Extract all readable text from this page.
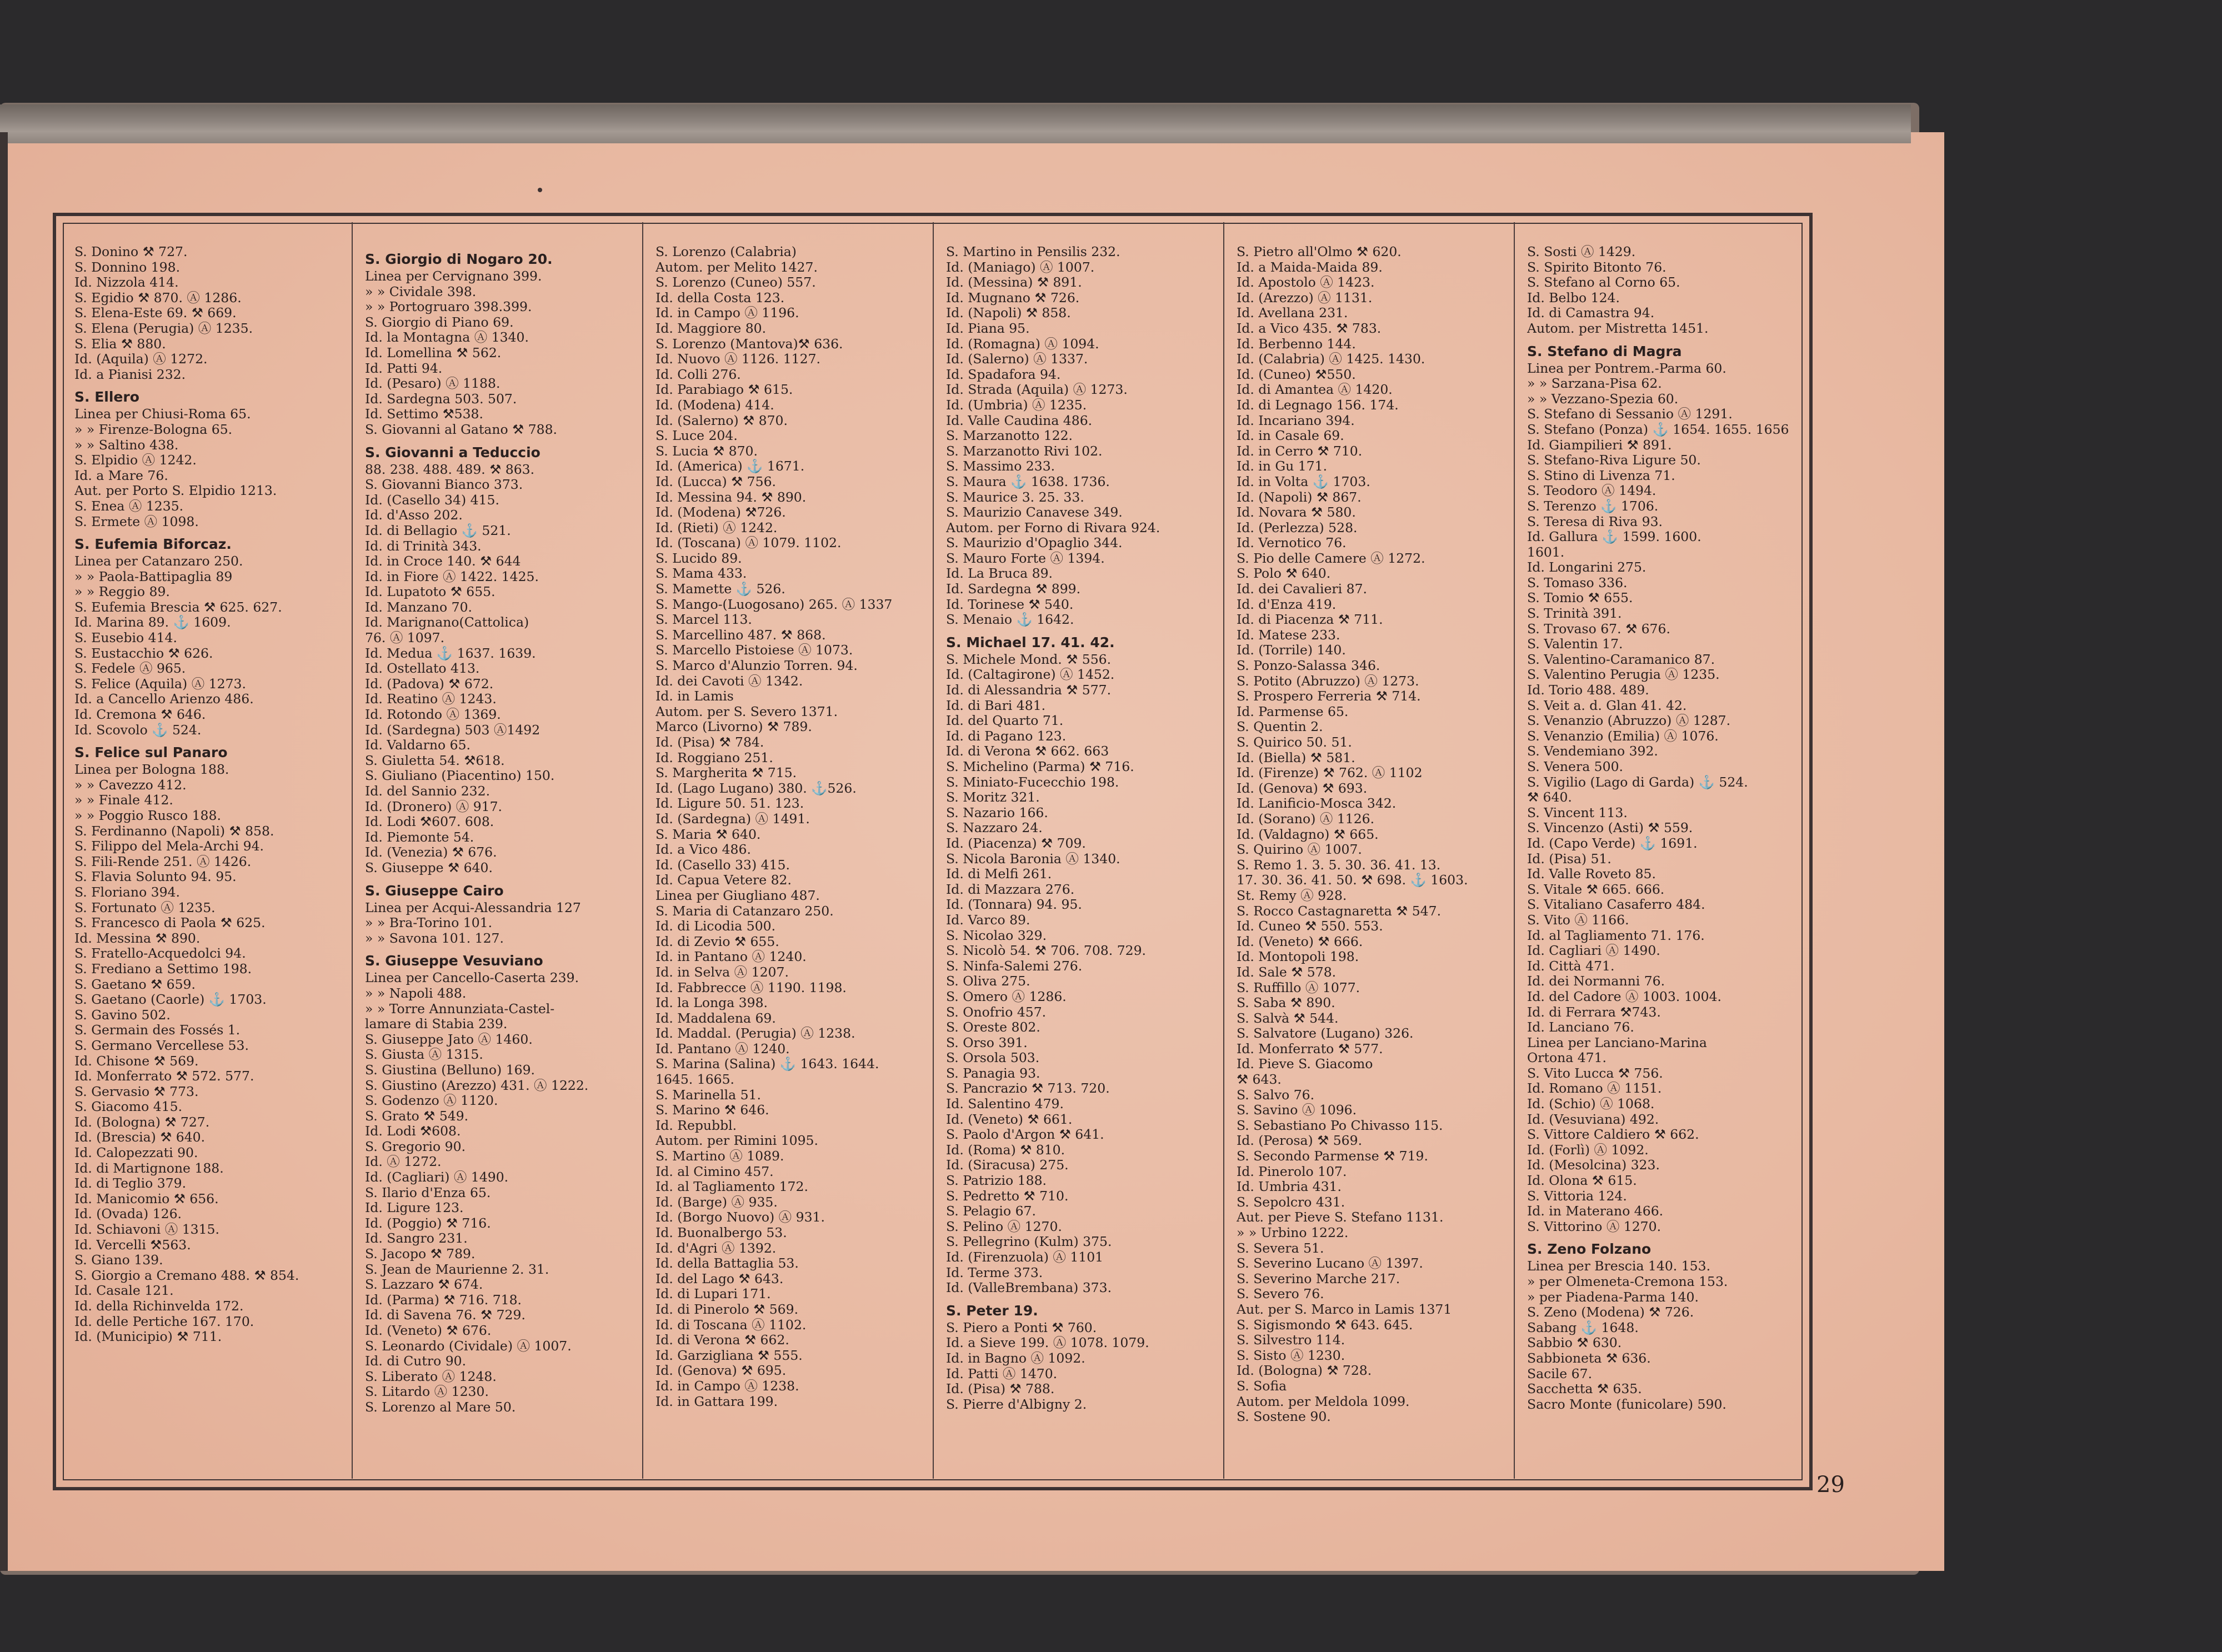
S. Donino ⚒ 727.
S. Donnino 198.
Id. Nizzola 414.
S. Egidio ⚒ 870. Ⓐ 1286.
S. Elena-Este 69. ⚒ 669.
S. Elena (Perugia) Ⓐ 1235.
S. Elia ⚒ 880.
Id. (Aquila) Ⓐ 1272.
Id. a Pianisi 232.
S. Ellero
Linea per Chiusi-Roma 65.
» » Firenze-Bologna 65.
» » Saltino 438.
S. Elpidio Ⓐ 1242.
Id. a Mare 76.
Aut. per Porto S. Elpidio 1213.
S. Enea Ⓐ 1235.
S. Ermete Ⓐ 1098.
S. Eufemia Biforcaz.
Linea per Catanzaro 250.
» » Paola-Battipaglia 89
» » Reggio 89.
S. Eufemia Brescia ⚒ 625. 627.
Id. Marina 89. ⚓ 1609.
S. Eusebio 414.
S. Eustacchio ⚒ 626.
S. Fedele Ⓐ 965.
S. Felice (Aquila) Ⓐ 1273.
Id. a Cancello Arienzo 486.
Id. Cremona ⚒ 646.
Id. Scovolo ⚓ 524.
S. Felice sul Panaro
Linea per Bologna 188.
» » Cavezzo 412.
» » Finale 412.
» » Poggio Rusco 188.
S. Ferdinanno (Napoli) ⚒ 858.
S. Filippo del Mela-Archi 94.
S. Fili-Rende 251. Ⓐ 1426.
S. Flavia Solunto 94. 95.
S. Floriano 394.
S. Fortunato Ⓐ 1235.
S. Francesco di Paola ⚒ 625.
Id. Messina ⚒ 890.
S. Fratello-Acquedolci 94.
S. Frediano a Settimo 198.
S. Gaetano ⚒ 659.
S. Gaetano (Caorle) ⚓ 1703.
S. Gavino 502.
S. Germain des Fossés 1.
S. Germano Vercellese 53.
Id. Chisone ⚒ 569.
Id. Monferrato ⚒ 572. 577.
S. Gervasio ⚒ 773.
S. Giacomo 415.
Id. (Bologna) ⚒ 727.
Id. (Brescia) ⚒ 640.
Id. Calopezzati 90.
Id. di Martignone 188.
Id. di Teglio 379.
Id. Manicomio ⚒ 656.
Id. (Ovada) 126.
Id. Schiavoni Ⓐ 1315.
Id. Vercelli ⚒563.
S. Giano 139.
S. Giorgio a Cremano 488. ⚒ 854.
Id. Casale 121.
Id. della Richinvelda 172.
Id. delle Pertiche 167. 170.
Id. (Municipio) ⚒ 711.
S. Giorgio di Nogaro 20.
Linea per Cervignano 399.
» » Cividale 398.
» » Portogruaro 398.399.
S. Giorgio di Piano 69.
Id. la Montagna Ⓐ 1340.
Id. Lomellina ⚒ 562.
Id. Patti 94.
Id. (Pesaro) Ⓐ 1188.
Id. Sardegna 503. 507.
Id. Settimo ⚒538.
S. Giovanni al Gatano ⚒ 788.
S. Giovanni a Teduccio
88. 238. 488. 489. ⚒ 863.
S. Giovanni Bianco 373.
Id. (Casello 34) 415.
Id. d'Asso 202.
Id. di Bellagio ⚓ 521.
Id. di Trinità 343.
Id. in Croce 140. ⚒ 644
Id. in Fiore Ⓐ 1422. 1425.
Id. Lupatoto ⚒ 655.
Id. Manzano 70.
Id. Marignano(Cattolica)
76. Ⓐ 1097.
Id. Medua ⚓ 1637. 1639.
Id. Ostellato 413.
Id. (Padova) ⚒ 672.
Id. Reatino Ⓐ 1243.
Id. Rotondo Ⓐ 1369.
Id. (Sardegna) 503 Ⓐ1492
Id. Valdarno 65.
S. Giuletta 54. ⚒618.
S. Giuliano (Piacentino) 150.
Id. del Sannio 232.
Id. (Dronero) Ⓐ 917.
Id. Lodi ⚒607. 608.
Id. Piemonte 54.
Id. (Venezia) ⚒ 676.
S. Giuseppe ⚒ 640.
S. Giuseppe Cairo
Linea per Acqui-Alessandria 127
» » Bra-Torino 101.
» » Savona 101. 127.
S. Giuseppe Vesuviano
Linea per Cancello-Caserta 239.
» » Napoli 488.
» » Torre Annunziata-Castel-
lamare di Stabia 239.
S. Giuseppe Jato Ⓐ 1460.
S. Giusta Ⓐ 1315.
S. Giustina (Belluno) 169.
S. Giustino (Arezzo) 431. Ⓐ 1222.
S. Godenzo Ⓐ 1120.
S. Grato ⚒ 549.
Id. Lodi ⚒608.
S. Gregorio 90.
Id. Ⓐ 1272.
Id. (Cagliari) Ⓐ 1490.
S. Ilario d'Enza 65.
Id. Ligure 123.
Id. (Poggio) ⚒ 716.
Id. Sangro 231.
S. Jacopo ⚒ 789.
S. Jean de Maurienne 2. 31.
S. Lazzaro ⚒ 674.
Id. (Parma) ⚒ 716. 718.
Id. di Savena 76. ⚒ 729.
Id. (Veneto) ⚒ 676.
S. Leonardo (Cividale) Ⓐ 1007.
Id. di Cutro 90.
S. Liberato Ⓐ 1248.
S. Litardo Ⓐ 1230.
S. Lorenzo al Mare 50.
S. Lorenzo (Calabria)
Autom. per Melito 1427.
S. Lorenzo (Cuneo) 557.
Id. della Costa 123.
Id. in Campo Ⓐ 1196.
Id. Maggiore 80.
S. Lorenzo (Mantova)⚒ 636.
Id. Nuovo Ⓐ 1126. 1127.
Id. Colli 276.
Id. Parabiago ⚒ 615.
Id. (Modena) 414.
Id. (Salerno) ⚒ 870.
S. Luce 204.
S. Lucia ⚒ 870.
Id. (America) ⚓ 1671.
Id. (Lucca) ⚒ 756.
Id. Messina 94. ⚒ 890.
Id. (Modena) ⚒726.
Id. (Rieti) Ⓐ 1242.
Id. (Toscana) Ⓐ 1079. 1102.
S. Lucido 89.
S. Mama 433.
S. Mamette ⚓ 526.
S. Mango-(Luogosano) 265. Ⓐ 1337
S. Marcel 113.
S. Marcellino 487. ⚒ 868.
S. Marcello Pistoiese Ⓐ 1073.
S. Marco d'Alunzio Torren. 94.
Id. dei Cavoti Ⓐ 1342.
Id. in Lamis
Autom. per S. Severo 1371.
Marco (Livorno) ⚒ 789.
Id. (Pisa) ⚒ 784.
Id. Roggiano 251.
S. Margherita ⚒ 715.
Id. (Lago Lugano) 380. ⚓526.
Id. Ligure 50. 51. 123.
Id. (Sardegna) Ⓐ 1491.
S. Maria ⚒ 640.
Id. a Vico 486.
Id. (Casello 33) 415.
Id. Capua Vetere 82.
Linea per Giugliano 487.
S. Maria di Catanzaro 250.
Id. di Licodia 500.
Id. di Zevio ⚒ 655.
Id. in Pantano Ⓐ 1240.
Id. in Selva Ⓐ 1207.
Id. Fabbrecce Ⓐ 1190. 1198.
Id. la Longa 398.
Id. Maddalena 69.
Id. Maddal. (Perugia) Ⓐ 1238.
Id. Pantano Ⓐ 1240.
S. Marina (Salina) ⚓ 1643. 1644.
1645. 1665.
S. Marinella 51.
S. Marino ⚒ 646.
Id. Repubbl.
Autom. per Rimini 1095.
S. Martino Ⓐ 1089.
Id. al Cimino 457.
Id. al Tagliamento 172.
Id. (Barge) Ⓐ 935.
Id. (Borgo Nuovo) Ⓐ 931.
Id. Buonalbergo 53.
Id. d'Agri Ⓐ 1392.
Id. della Battaglia 53.
Id. del Lago ⚒ 643.
Id. di Lupari 171.
Id. di Pinerolo ⚒ 569.
Id. di Toscana Ⓐ 1102.
Id. di Verona ⚒ 662.
Id. Garzigliana ⚒ 555.
Id. (Genova) ⚒ 695.
Id. in Campo Ⓐ 1238.
Id. in Gattara 199.
S. Martino in Pensilis 232.
Id. (Maniago) Ⓐ 1007.
Id. (Messina) ⚒ 891.
Id. Mugnano ⚒ 726.
Id. (Napoli) ⚒ 858.
Id. Piana 95.
Id. (Romagna) Ⓐ 1094.
Id. (Salerno) Ⓐ 1337.
Id. Spadafora 94.
Id. Strada (Aquila) Ⓐ 1273.
Id. (Umbria) Ⓐ 1235.
Id. Valle Caudina 486.
S. Marzanotto 122.
S. Marzanotto Rivi 102.
S. Massimo 233.
S. Maura ⚓ 1638. 1736.
S. Maurice 3. 25. 33.
S. Maurizio Canavese 349.
Autom. per Forno di Rivara 924.
S. Maurizio d'Opaglio 344.
S. Mauro Forte Ⓐ 1394.
Id. La Bruca 89.
Id. Sardegna ⚒ 899.
Id. Torinese ⚒ 540.
S. Menaio ⚓ 1642.
S. Michael 17. 41. 42.
S. Michele Mond. ⚒ 556.
Id. (Caltagirone) Ⓐ 1452.
Id. di Alessandria ⚒ 577.
Id. di Bari 481.
Id. del Quarto 71.
Id. di Pagano 123.
Id. di Verona ⚒ 662. 663
S. Michelino (Parma) ⚒ 716.
S. Miniato-Fucecchio 198.
S. Moritz 321.
S. Nazario 166.
S. Nazzaro 24.
Id. (Piacenza) ⚒ 709.
S. Nicola Baronia Ⓐ 1340.
Id. di Melfi 261.
Id. di Mazzara 276.
Id. (Tonnara) 94. 95.
Id. Varco 89.
S. Nicolao 329.
S. Nicolò 54. ⚒ 706. 708. 729.
S. Ninfa-Salemi 276.
S. Oliva 275.
S. Omero Ⓐ 1286.
S. Onofrio 457.
S. Oreste 802.
S. Orso 391.
S. Orsola 503.
S. Panagia 93.
S. Pancrazio ⚒ 713. 720.
Id. Salentino 479.
Id. (Veneto) ⚒ 661.
S. Paolo d'Argon ⚒ 641.
Id. (Roma) ⚒ 810.
Id. (Siracusa) 275.
S. Patrizio 188.
S. Pedretto ⚒ 710.
S. Pelagio 67.
S. Pelino Ⓐ 1270.
S. Pellegrino (Kulm) 375.
Id. (Firenzuola) Ⓐ 1101
Id. Terme 373.
Id. (ValleBrembana) 373.
S. Peter 19.
S. Piero a Ponti ⚒ 760.
Id. a Sieve 199. Ⓐ 1078. 1079.
Id. in Bagno Ⓐ 1092.
Id. Patti Ⓐ 1470.
Id. (Pisa) ⚒ 788.
S. Pierre d'Albigny 2.
S. Pietro all'Olmo ⚒ 620.
Id. a Maida-Maida 89.
Id. Apostolo Ⓐ 1423.
Id. (Arezzo) Ⓐ 1131.
Id. Avellana 231.
Id. a Vico 435. ⚒ 783.
Id. Berbenno 144.
Id. (Calabria) Ⓐ 1425. 1430.
Id. (Cuneo) ⚒550.
Id. di Amantea Ⓐ 1420.
Id. di Legnago 156. 174.
Id. Incariano 394.
Id. in Casale 69.
Id. in Cerro ⚒ 710.
Id. in Gu 171.
Id. in Volta ⚓ 1703.
Id. (Napoli) ⚒ 867.
Id. Novara ⚒ 580.
Id. (Perlezza) 528.
Id. Vernotico 76.
S. Pio delle Camere Ⓐ 1272.
S. Polo ⚒ 640.
Id. dei Cavalieri 87.
Id. d'Enza 419.
Id. di Piacenza ⚒ 711.
Id. Matese 233.
Id. (Torrile) 140.
S. Ponzo-Salassa 346.
S. Potito (Abruzzo) Ⓐ 1273.
S. Prospero Ferreria ⚒ 714.
Id. Parmense 65.
S. Quentin 2.
S. Quirico 50. 51.
Id. (Biella) ⚒ 581.
Id. (Firenze) ⚒ 762. Ⓐ 1102
Id. (Genova) ⚒ 693.
Id. Lanificio-Mosca 342.
Id. (Sorano) Ⓐ 1126.
Id. (Valdagno) ⚒ 665.
S. Quirino Ⓐ 1007.
S. Remo 1. 3. 5. 30. 36. 41. 13.
17. 30. 36. 41. 50. ⚒ 698. ⚓ 1603.
St. Remy Ⓐ 928.
S. Rocco Castagnaretta ⚒ 547.
Id. Cuneo ⚒ 550. 553.
Id. (Veneto) ⚒ 666.
Id. Montopoli 198.
Id. Sale ⚒ 578.
S. Ruffillo Ⓐ 1077.
S. Saba ⚒ 890.
S. Salvà ⚒ 544.
S. Salvatore (Lugano) 326.
Id. Monferrato ⚒ 577.
Id. Pieve S. Giacomo
⚒ 643.
S. Salvo 76.
S. Savino Ⓐ 1096.
S. Sebastiano Po Chivasso 115.
Id. (Perosa) ⚒ 569.
S. Secondo Parmense ⚒ 719.
Id. Pinerolo 107.
Id. Umbria 431.
S. Sepolcro 431.
Aut. per Pieve S. Stefano 1131.
» » Urbino 1222.
S. Severa 51.
S. Severino Lucano Ⓐ 1397.
S. Severino Marche 217.
S. Severo 76.
Aut. per S. Marco in Lamis 1371
S. Sigismondo ⚒ 643. 645.
S. Silvestro 114.
S. Sisto Ⓐ 1230.
Id. (Bologna) ⚒ 728.
S. Sofia
Autom. per Meldola 1099.
S. Sostene 90.
S. Sosti Ⓐ 1429.
S. Spirito Bitonto 76.
S. Stefano al Corno 65.
Id. Belbo 124.
Id. di Camastra 94.
Autom. per Mistretta 1451.
S. Stefano di Magra
Linea per Pontrem.-Parma 60.
» » Sarzana-Pisa 62.
» » Vezzano-Spezia 60.
S. Stefano di Sessanio Ⓐ 1291.
S. Stefano (Ponza) ⚓ 1654. 1655. 1656
Id. Giampilieri ⚒ 891.
S. Stefano-Riva Ligure 50.
S. Stino di Livenza 71.
S. Teodoro Ⓐ 1494.
S. Terenzo ⚓ 1706.
S. Teresa di Riva 93.
Id. Gallura ⚓ 1599. 1600.
1601.
Id. Longarini 275.
S. Tomaso 336.
S. Tomio ⚒ 655.
S. Trinità 391.
S. Trovaso 67. ⚒ 676.
S. Valentin 17.
S. Valentino-Caramanico 87.
S. Valentino Perugia Ⓐ 1235.
Id. Torio 488. 489.
S. Veit a. d. Glan 41. 42.
S. Venanzio (Abruzzo) Ⓐ 1287.
S. Venanzio (Emilia) Ⓐ 1076.
S. Vendemiano 392.
S. Venera 500.
S. Vigilio (Lago di Garda) ⚓ 524.
⚒ 640.
S. Vincent 113.
S. Vincenzo (Asti) ⚒ 559.
Id. (Capo Verde) ⚓ 1691.
Id. (Pisa) 51.
Id. Valle Roveto 85.
S. Vitale ⚒ 665. 666.
S. Vitaliano Casaferro 484.
S. Vito Ⓐ 1166.
Id. al Tagliamento 71. 176.
Id. Cagliari Ⓐ 1490.
Id. Città 471.
Id. dei Normanni 76.
Id. del Cadore Ⓐ 1003. 1004.
Id. di Ferrara ⚒743.
Id. Lanciano 76.
Linea per Lanciano-Marina
Ortona 471.
S. Vito Lucca ⚒ 756.
Id. Romano Ⓐ 1151.
Id. (Schio) Ⓐ 1068.
Id. (Vesuviana) 492.
S. Vittore Caldiero ⚒ 662.
Id. (Forlì) Ⓐ 1092.
Id. (Mesolcina) 323.
Id. Olona ⚒ 615.
S. Vittoria 124.
Id. in Materano 466.
S. Vittorino Ⓐ 1270.
S. Zeno Folzano
Linea per Brescia 140. 153.
» per Olmeneta-Cremona 153.
» per Piadena-Parma 140.
S. Zeno (Modena) ⚒ 726.
Sabang ⚓ 1648.
Sabbio ⚒ 630.
Sabbioneta ⚒ 636.
Sacile 67.
Sacchetta ⚒ 635.
Sacro Monte (funicolare) 590.
29
